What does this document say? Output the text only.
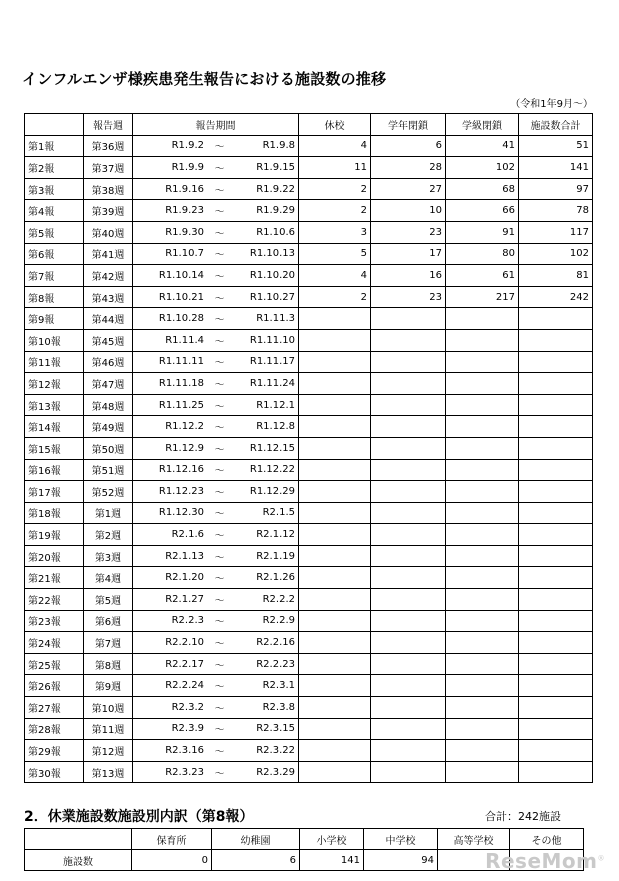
インフルエンザ様疾患発生報告における施設数の推移
（令和1年9月～）
	報告週	報告期間	休校	学年閉鎖	学級閉鎖	施設数合計
第1報	第36週	R1.9.2 ～ R1.9.8	4	6	41	51
第2報	第37週	R1.9.9 ～ R1.9.15	11	28	102	141
第3報	第38週	R1.9.16 ～ R1.9.22	2	27	68	97
第4報	第39週	R1.9.23 ～ R1.9.29	2	10	66	78
第5報	第40週	R1.9.30 ～ R1.10.6	3	23	91	117
第6報	第41週	R1.10.7 ～ R1.10.13	5	17	80	102
第7報	第42週	R1.10.14 ～ R1.10.20	4	16	61	81
第8報	第43週	R1.10.21 ～ R1.10.27	2	23	217	242
第9報	第44週	R1.10.28 ～ R1.11.3				

第10報	第45週	R1.11.4 ～ R1.11.10				

第11報	第46週	R1.11.11 ～ R1.11.17				

第12報	第47週	R1.11.18 ～ R1.11.24				

第13報	第48週	R1.11.25 ～ R1.12.1				

第14報	第49週	R1.12.2 ～ R1.12.8				

第15報	第50週	R1.12.9 ～ R1.12.15				

第16報	第51週	R1.12.16 ～ R1.12.22				

第17報	第52週	R1.12.23 ～ R1.12.29				

第18報	第1週	R1.12.30 ～ R2.1.5				

第19報	第2週	R2.1.6 ～ R2.1.12				

第20報	第3週	R2.1.13 ～ R2.1.19				

第21報	第4週	R2.1.20 ～ R2.1.26				

第22報	第5週	R2.1.27 ～ R2.2.2				

第23報	第6週	R2.2.3 ～ R2.2.9				

第24報	第7週	R2.2.10 ～ R2.2.16				

第25報	第8週	R2.2.17 ～ R2.2.23				

第26報	第9週	R2.2.24 ～ R2.3.1				

第27報	第10週	R2.3.2 ～ R2.3.8				

第28報	第11週	R2.3.9 ～ R2.3.15				

第29報	第12週	R2.3.16 ～ R2.3.22				

第30報	第13週	R2.3.23 ～ R2.3.29				

2．休業施設数施設別内訳（第8報）	合計：242施設
	保育所	幼稚園	小学校	中学校	高等学校	その他
施設数	0	6	141	94			ReseMom®
